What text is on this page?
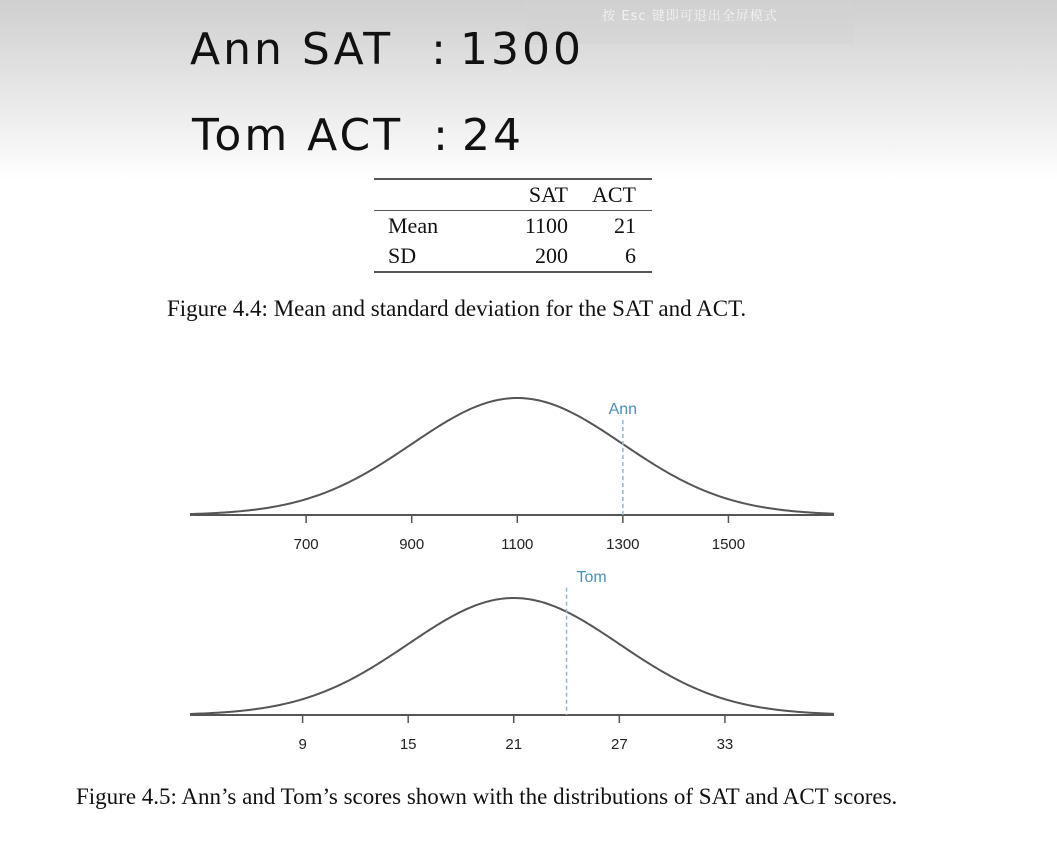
按 Esc 键即可退出全屏模式
Ann SAT : 1300
Tom ACT : 24
	SAT	ACT
Mean	1100	21
SD	200	6
Figure 4.4: Mean and standard deviation for the SAT and ACT.
700	900	1100	1300	1500
Ann
9	15	21	27	33
Tom
Figure 4.5: Ann’s and Tom’s scores shown with the distributions of SAT and ACT scores.
